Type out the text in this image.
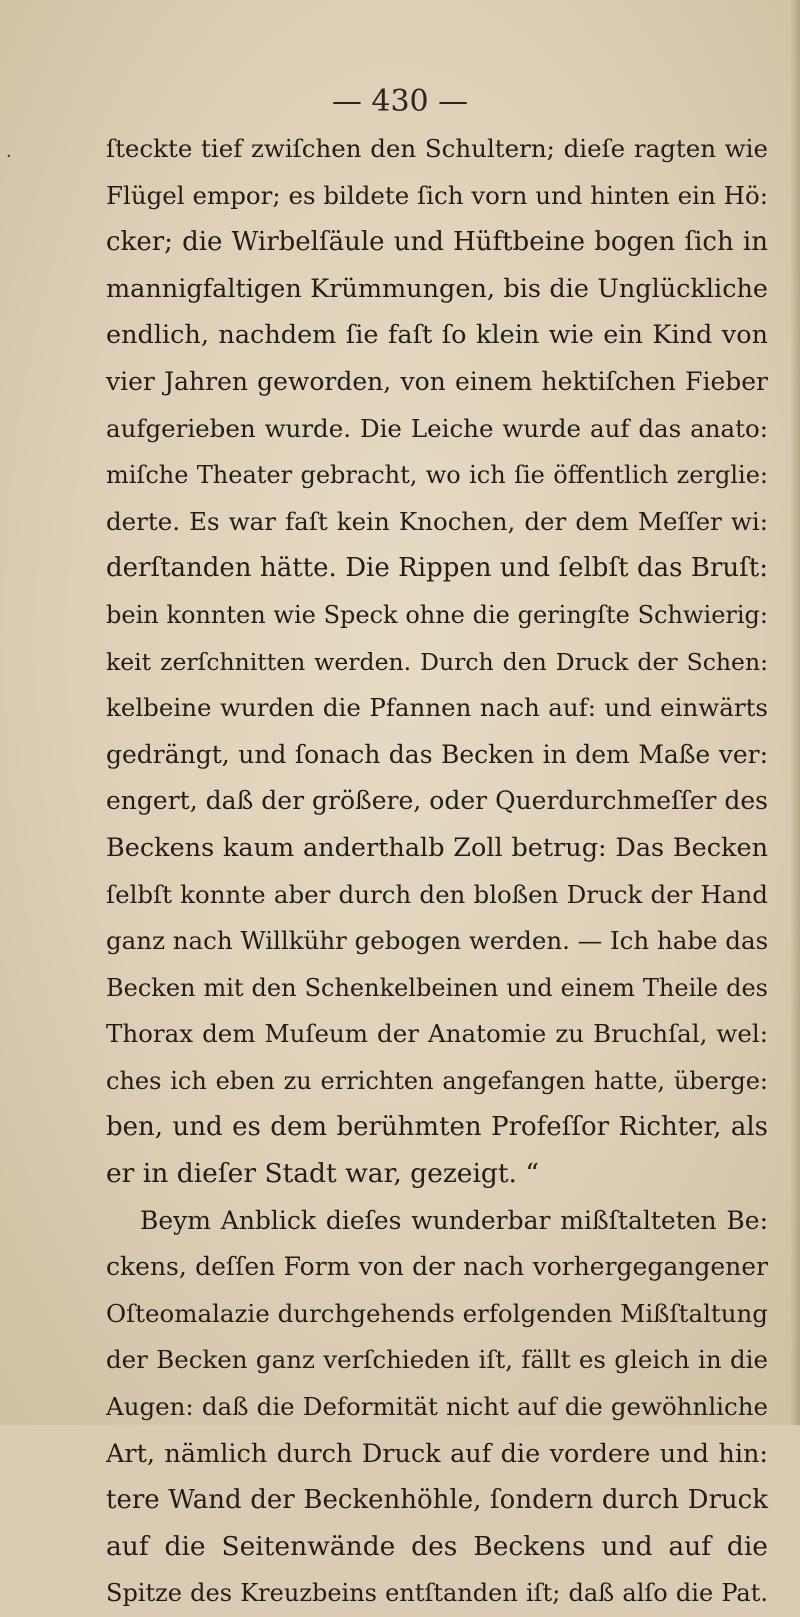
— 430 —

·	ſteckte tief zwiſchen den Schultern; dieſe ragten wie

Flügel empor; es bildete ſich vorn und hinten ein Hö:

cker; die Wirbelſäule und Hüftbeine bogen ſich in

mannigfaltigen Krümmungen, bis die Unglückliche

endlich, nachdem ſie faſt ſo klein wie ein Kind von

vier Jahren geworden, von einem hektiſchen Fieber

aufgerieben wurde. Die Leiche wurde auf das anato:

miſche Theater gebracht, wo ich ſie öffentlich zerglie:

derte. Es war faſt kein Knochen, der dem Meſſer wi:

derſtanden hätte. Die Rippen und ſelbſt das Bruſt:

bein konnten wie Speck ohne die geringſte Schwierig:

keit zerſchnitten werden. Durch den Druck der Schen:

kelbeine wurden die Pfannen nach auf: und einwärts

gedrängt, und ſonach das Becken in dem Maße ver:

engert, daß der größere, oder Querdurchmeſſer des

Beckens kaum anderthalb Zoll betrug: Das Becken

ſelbſt konnte aber durch den bloßen Druck der Hand

ganz nach Willkühr gebogen werden. — Ich habe das

Becken mit den Schenkelbeinen und einem Theile des

Thorax dem Muſeum der Anatomie zu Bruchſal, wel:

ches ich eben zu errichten angefangen hatte, überge:

ben, und es dem berühmten Profeſſor Richter, als

er in dieſer Stadt war, gezeigt. “

Beym Anblick dieſes wunderbar mißſtalteten Be:

ckens, deſſen Form von der nach vorhergegangener

Oſteomalazie durchgehends erfolgenden Mißſtaltung

der Becken ganz verſchieden iſt, fällt es gleich in die

Augen: daß die Deformität nicht auf die gewöhnliche

Art, nämlich durch Druck auf die vordere und hin:

tere Wand der Beckenhöhle, ſondern durch Druck

auf die Seitenwände des Beckens und auf die

Spitze des Kreuzbeins entſtanden iſt; daß alſo die Pat.
